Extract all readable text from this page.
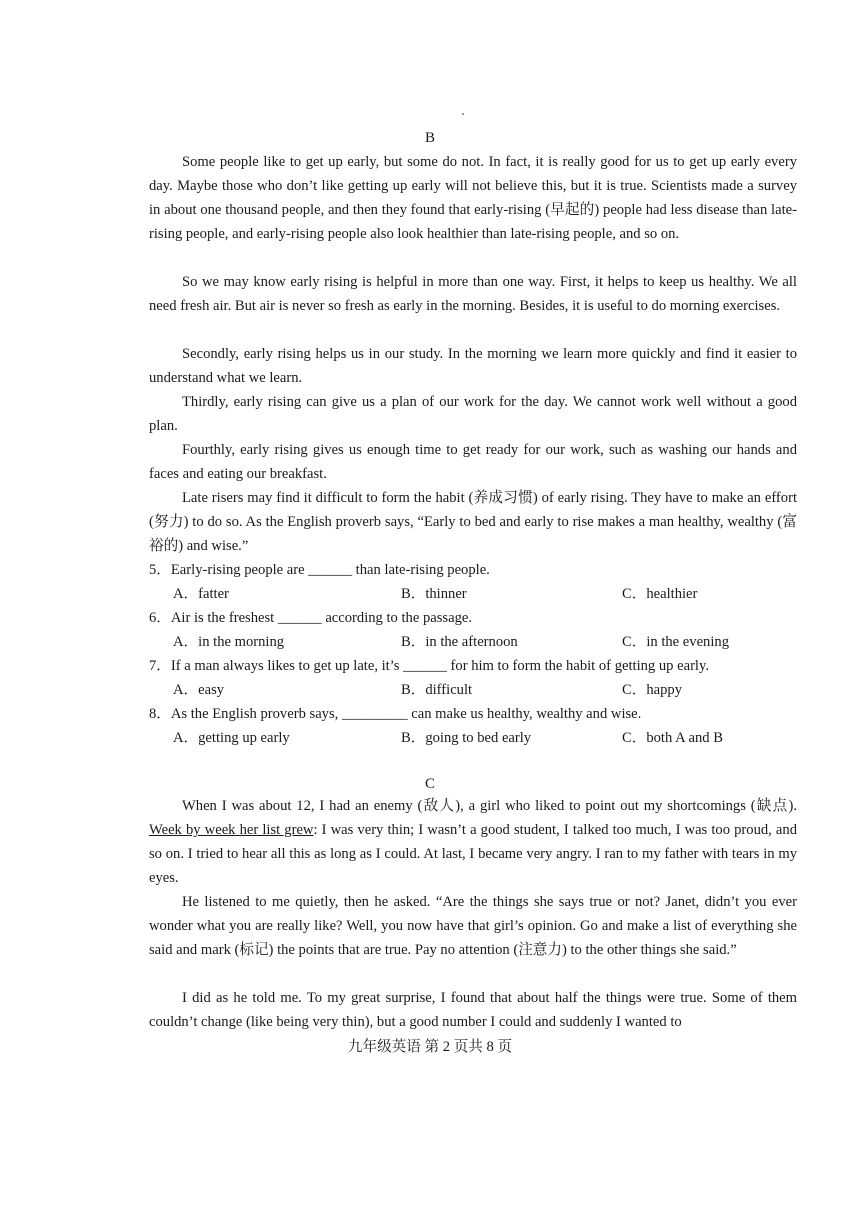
B

Some people like to get up early, but some do not. In fact, it is really good for us to get up early every day. Maybe those who don’t like getting up early will not believe this, but it is true. Scientists made a survey in about one thousand people, and then they found that early-rising (早起的) people had less disease than late-rising people, and early-rising people also look healthier than late-rising people, and so on.

So we may know early rising is helpful in more than one way. First, it helps to keep us healthy. We all need fresh air. But air is never so fresh as early in the morning. Besides, it is useful to do morning exercises.

Secondly, early rising helps us in our study. In the morning we learn more quickly and find it easier to understand what we learn.

Thirdly, early rising can give us a plan of our work for the day. We cannot work well without a good plan.

Fourthly, early rising gives us enough time to get ready for our work, such as washing our hands and faces and eating our breakfast.

Late risers may find it difficult to form the habit (养成习惯) of early rising. They have to make an effort (努力) to do so. As the English proverb says, “Early to bed and early to rise makes a man healthy, wealthy (富裕的) and wise.”

5．Early-rising people are ______ than late-rising people.
A．fatter	B．thinner	C．healthier
6．Air is the freshest ______ according to the passage.
A．in the morning	B．in the afternoon	C．in the evening
7．If a man always likes to get up late, it’s ______ for him to form the habit of getting up early.
A．easy	B．difficult	C．happy
8．As the English proverb says, _________ can make us healthy, wealthy and wise.
A．getting up early	B．going to bed early	C．both A and B
C

When I was about 12, I had an enemy (敌人), a girl who liked to point out my shortcomings (缺点). Week by week her list grew: I was very thin; I wasn’t a good student, I talked too much, I was too proud, and so on. I tried to hear all this as long as I could. At last, I became very angry. I ran to my father with tears in my eyes.

He listened to me quietly, then he asked. “Are the things she says true or not? Janet, didn’t you ever wonder what you are really like? Well, you now have that girl’s opinion. Go and make a list of everything she said and mark (标记) the points that are true. Pay no attention (注意力) to the other things she said.”

I did as he told me. To my great surprise, I found that about half the things were true. Some of them couldn’t change (like being very thin), but a good number I could and suddenly I wanted to

九年级英语 第 2 页共 8 页
